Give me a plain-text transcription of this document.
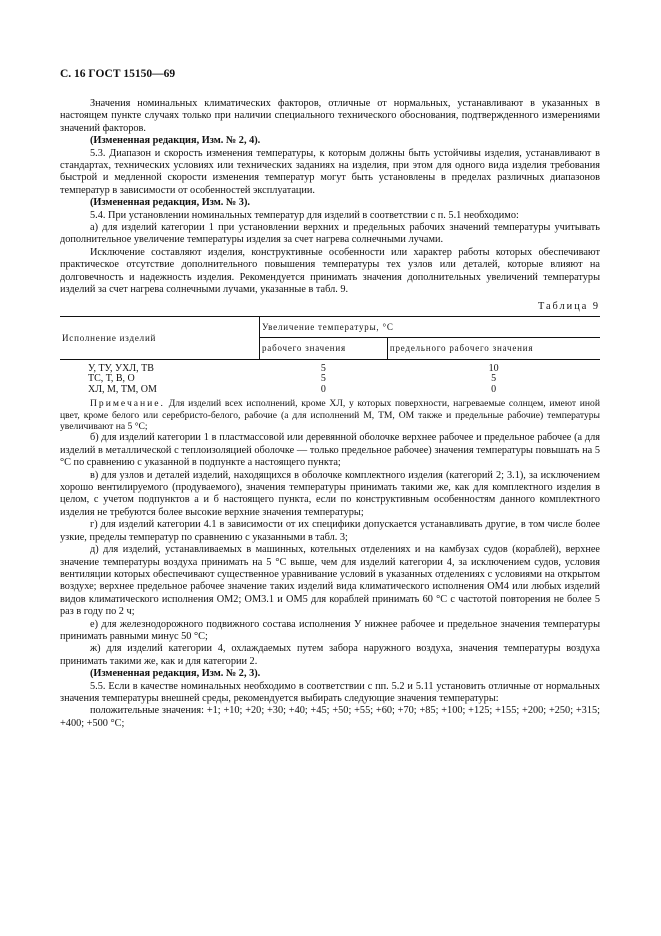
С. 16 ГОСТ 15150—69

Значения номинальных климатических факторов, отличные от нормальных, устанавливают в указанных в настоящем пункте случаях только при наличии специального технического обоснования, подтвержденного измерениями значений факторов.

(Измененная редакция, Изм. № 2, 4).

5.3. Диапазон и скорость изменения температуры, к которым должны быть устойчивы изделия, устанавливают в стандартах, технических условиях или технических заданиях на изделия, при этом для одного вида изделия требования быстрой и медленной скорости изменения температур могут быть установлены в пределах различных диапазонов температур в зависимости от особенностей эксплуатации.

(Измененная редакция, Изм. № 3).

5.4. При установлении номинальных температур для изделий в соответствии с п. 5.1 необходимо:

а) для изделий категории 1 при установлении верхних и предельных рабочих значений температуры учитывать дополнительное увеличение температуры изделия за счет нагрева солнечными лучами.

Исключение составляют изделия, конструктивные особенности или характер работы которых обеспечивают практическое отсутствие дополнительного повышения температуры тех узлов или деталей, которые влияют на долговечность и надежность изделия. Рекомендуется принимать значения дополнительных увеличений температуры изделий за счет нагрева солнечными лучами, указанные в табл. 9.

Таблица 9

Исполнение изделий	Увеличение температуры, °С	
	рабочего значения	предельного рабочего значения
У, ТУ, УХЛ, ТВ	5	10
ТС, Т, В, О	5	5
ХЛ, М, ТМ, ОМ	0	0

Примечание. Для изделий всех исполнений, кроме ХЛ, у которых поверхности, нагреваемые солнцем, имеют иной цвет, кроме белого или серебристо-белого, рабочие (а для исполнений М, ТМ, ОМ также и предельные рабочие) температуры увеличивают на 5 °С;

б) для изделий категории 1 в пластмассовой или деревянной оболочке верхнее рабочее и предельное рабочее (а для изделий в металлической с теплоизоляцией оболочке — только предельное рабочее) значения температуры повышать на 5 °С по сравнению с указанной в подпункте а настоящего пункта;

в) для узлов и деталей изделий, находящихся в оболочке комплектного изделия (категорий 2; 3.1), за исключением хорошо вентилируемого (продуваемого), значения температуры принимать такими же, как для комплектного изделия в целом, с учетом подпунктов а и б настоящего пункта, если по конструктивным особенностям данного комплектного изделия не требуются более высокие верхние значения температуры;

г) для изделий категории 4.1 в зависимости от их специфики допускается устанавливать другие, в том числе более узкие, пределы температур по сравнению с указанными в табл. 3;

д) для изделий, устанавливаемых в машинных, котельных отделениях и на камбузах судов (кораблей), верхнее значение температуры воздуха принимать на 5 °С выше, чем для изделий категории 4, за исключением судов, условия вентиляции которых обеспечивают существенное уравнивание условий в указанных отделениях с условиями на открытом воздухе; верхнее предельное рабочее значение таких изделий вида климатического исполнения ОМ4 или любых изделий видов климатического исполнения ОМ2; ОМ3.1 и ОМ5 для кораблей принимать 60 °С с частотой повторения не более 5 раз в году по 2 ч;

е) для железнодорожного подвижного состава исполнения У нижнее рабочее и предельное значения температуры принимать равными минус 50 °С;

ж) для изделий категории 4, охлаждаемых путем забора наружного воздуха, значения температуры воздуха принимать такими же, как и для категории 2.

(Измененная редакция, Изм. № 2, 3).

5.5. Если в качестве номинальных необходимо в соответствии с пп. 5.2 и 5.11 установить отличные от нормальных значения температуры внешней среды, рекомендуется выбирать следующие значения температуры:

положительные значения: +1; +10; +20; +30; +40; +45; +50; +55; +60; +70; +85; +100; +125; +155; +200; +250; +315; +400; +500 °С;
